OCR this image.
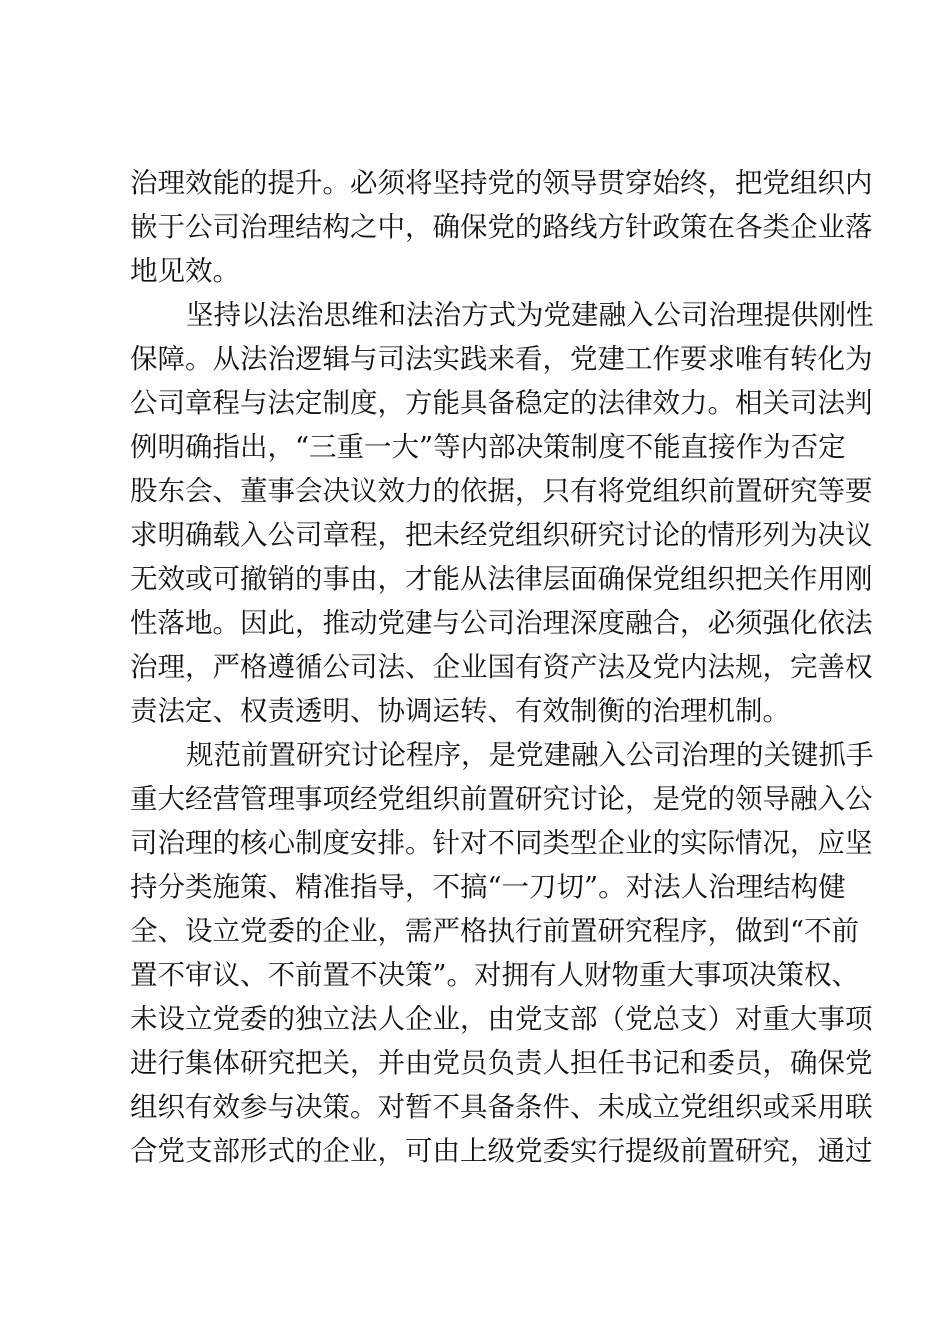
治理效能的提升。必须将坚持党的领导贯穿始终，把党组织内
嵌于公司治理结构之中，确保党的路线方针政策在各类企业落
地见效。
坚持以法治思维和法治方式为党建融入公司治理提供刚性
保障。从法治逻辑与司法实践来看，党建工作要求唯有转化为
公司章程与法定制度，方能具备稳定的法律效力。相关司法判
例明确指出，“三重一大”等内部决策制度不能直接作为否定
股东会、董事会决议效力的依据，只有将党组织前置研究等要
求明确载入公司章程，把未经党组织研究讨论的情形列为决议
无效或可撤销的事由，才能从法律层面确保党组织把关作用刚
性落地。因此，推动党建与公司治理深度融合，必须强化依法
治理，严格遵循公司法、企业国有资产法及党内法规，完善权
责法定、权责透明、协调运转、有效制衡的治理机制。
规范前置研究讨论程序，是党建融入公司治理的关键抓手
重大经营管理事项经党组织前置研究讨论，是党的领导融入公
司治理的核心制度安排。针对不同类型企业的实际情况，应坚
持分类施策、精准指导，不搞“一刀切”。对法人治理结构健
全、设立党委的企业，需严格执行前置研究程序，做到“不前
置不审议、不前置不决策”。对拥有人财物重大事项决策权、
未设立党委的独立法人企业，由党支部（党总支）对重大事项
进行集体研究把关，并由党员负责人担任书记和委员，确保党
组织有效参与决策。对暂不具备条件、未成立党组织或采用联
合党支部形式的企业，可由上级党委实行提级前置研究，通过
